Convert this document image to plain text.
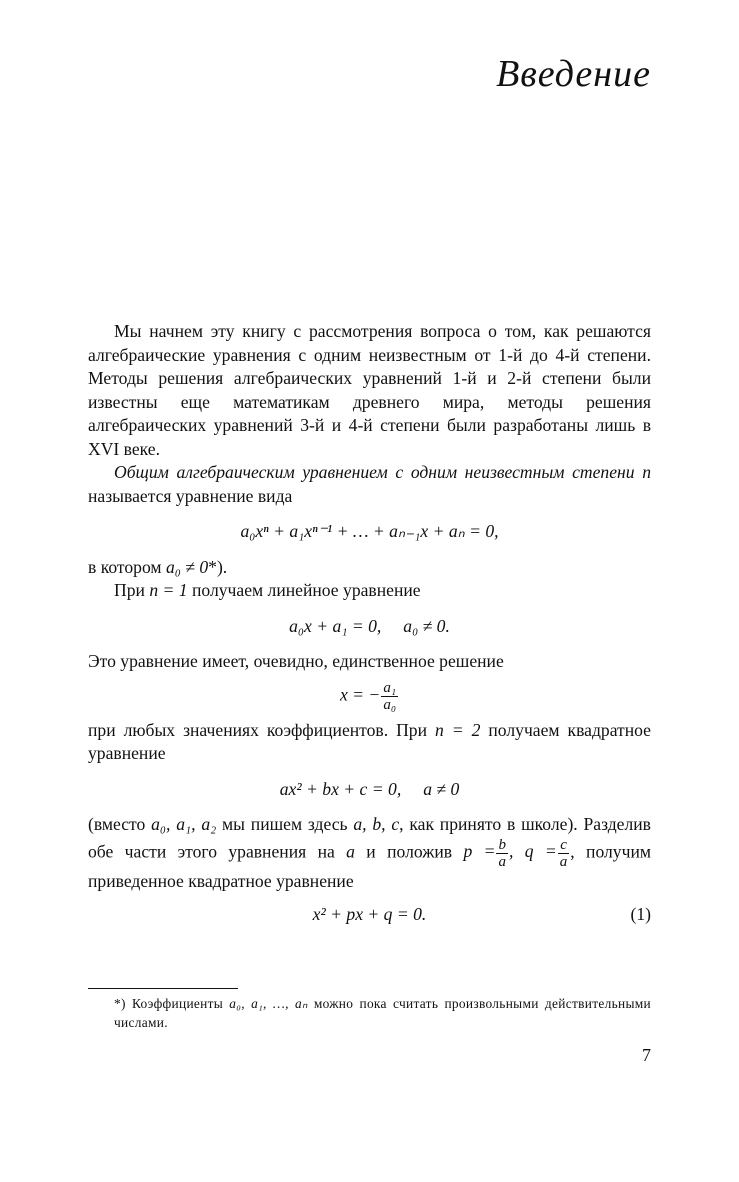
Введение

Мы начнем эту книгу с рассмотрения вопроса о том, как решаются алгебраические уравнения с одним неизвестным от 1-й до 4-й степени. Методы решения алгебраических уравнений 1-й и 2-й степени были известны еще математикам древнего мира, методы решения алгебраических уравнений 3-й и 4-й степени были разработаны лишь в XVI веке.

Общим алгебраическим уравнением с одним неизвестным степени n называется уравнение вида

a₀xⁿ + a₁xⁿ⁻¹ + … + aₙ₋₁x + aₙ = 0,

в котором a₀ ≠ 0*).

При n = 1 получаем линейное уравнение

a₀x + a₁ = 0,     a₀ ≠ 0.

Это уравнение имеет, очевидно, единственное решение

x = − $\frac{\text{a₁}}{\text{a₀}}$

при любых значениях коэффициентов. При n = 2 получаем квадратное уравнение

ax² + bx + c = 0,     a ≠ 0

(вместо a₀, a₁, a₂ мы пишем здесь a, b, c, как принято в школе). Разделив обе части этого уравнения на a и положив $p = \frac{b}{a}$ , $q = \frac{c}{a}$ , получим приведенное квадратное уравнение

x² + px + q = 0.	(1)
*) Коэффициенты a₀, a₁, …, aₙ можно пока считать произвольными действительными числами.
7
